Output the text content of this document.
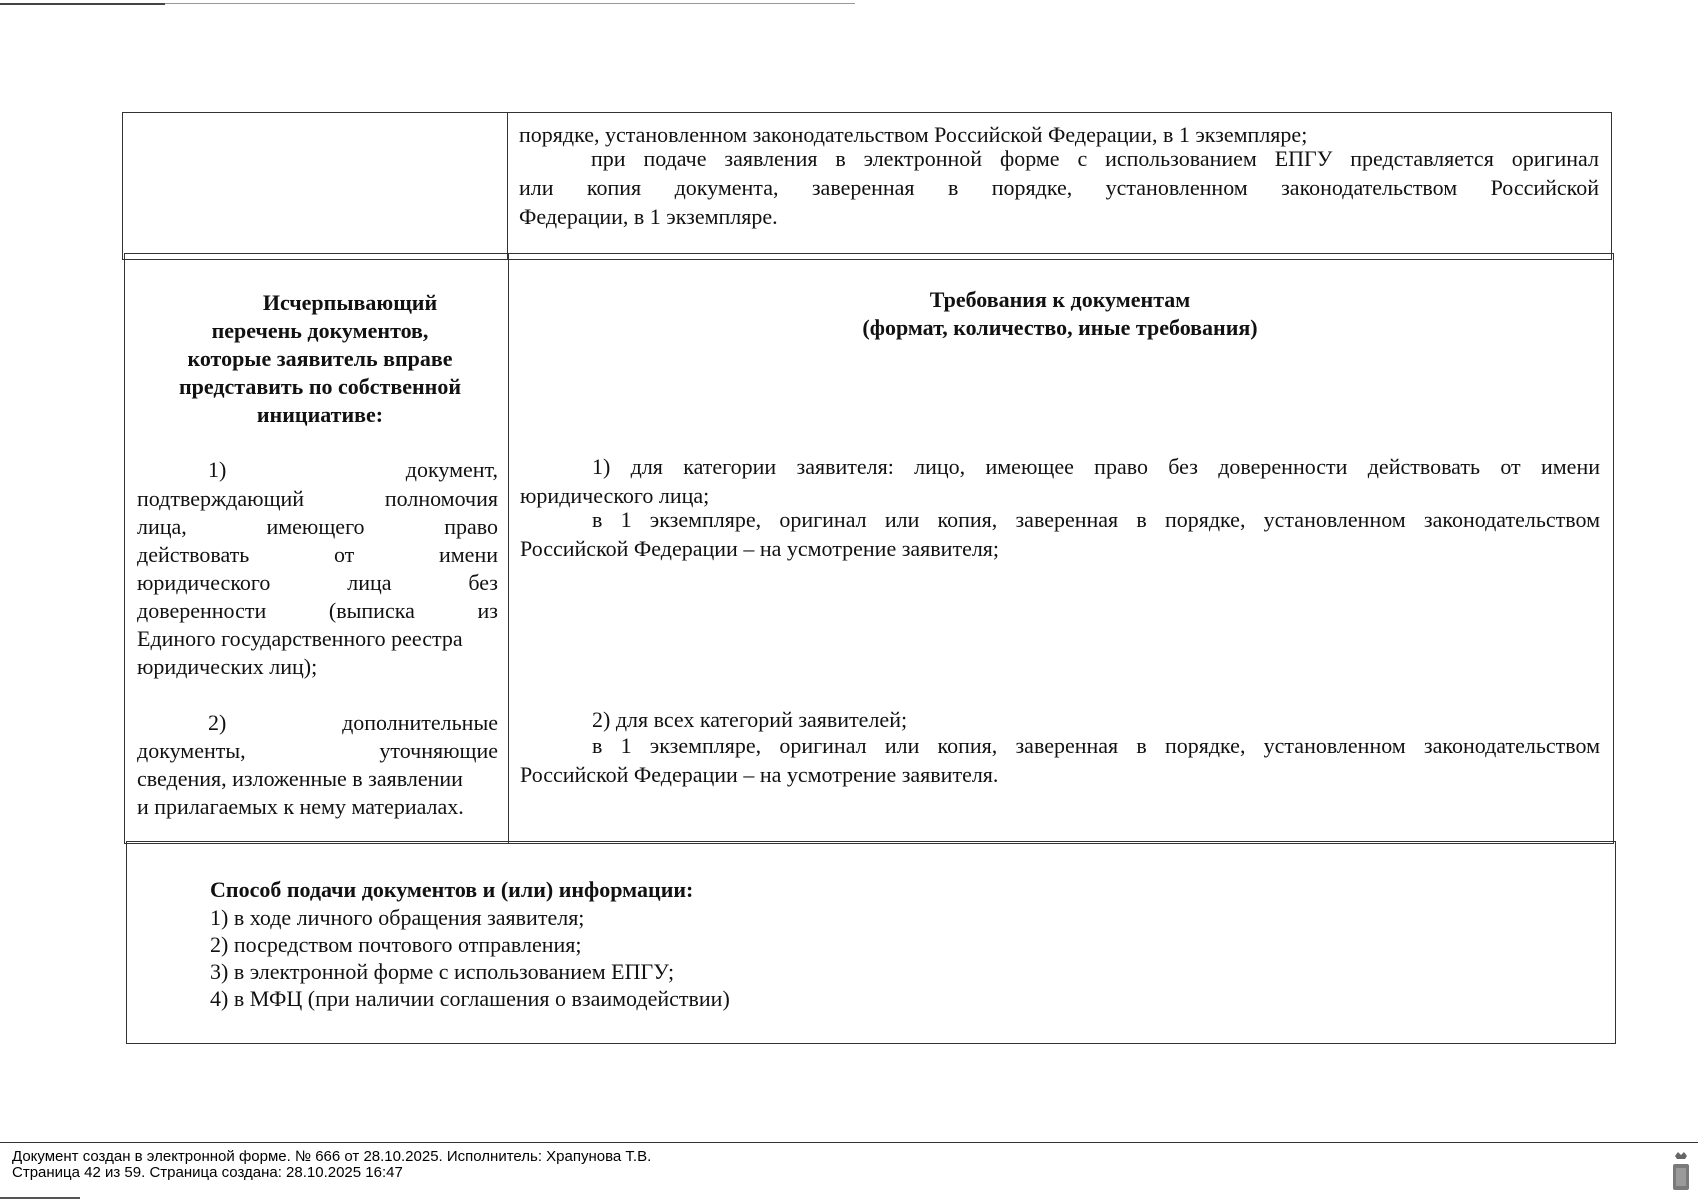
порядке, установленном законодательством Российской Федерации, в 1 экземпляре;

при подаче заявления в электронной форме с использованием ЕПГУ представляется оригинал

или копия документа, заверенная в порядке, установленном законодательством Российской

Федерации, в 1 экземпляре.

Исчерпывающий

перечень документов,

которые заявитель вправе

представить по собственной

инициативе:

Требования к документам

(формат, количество, иные требования)

1) документ,

подтверждающий полномочия

лица, имеющего право

действовать от имени

юридического лица без

доверенности (выписка из

Единого государственного реестра

юридических лиц);

2) дополнительные

документы, уточняющие

сведения, изложенные в заявлении

и прилагаемых к нему материалах.

1) для категории заявителя: лицо, имеющее право без доверенности действовать от имени

юридического лица;

в 1 экземпляре, оригинал или копия, заверенная в порядке, установленном законодательством

Российской Федерации – на усмотрение заявителя;

2) для всех категорий заявителей;

в 1 экземпляре, оригинал или копия, заверенная в порядке, установленном законодательством

Российской Федерации – на усмотрение заявителя.

Способ подачи документов и (или) информации:

1) в ходе личного обращения заявителя;

2) посредством почтового отправления;

3) в электронной форме с использованием ЕПГУ;

4) в МФЦ (при наличии соглашения о взаимодействии)

Документ создан в электронной форме. № 666 от 28.10.2025. Исполнитель: Храпунова Т.В.
Страница 42 из 59. Страница создана: 28.10.2025 16:47
